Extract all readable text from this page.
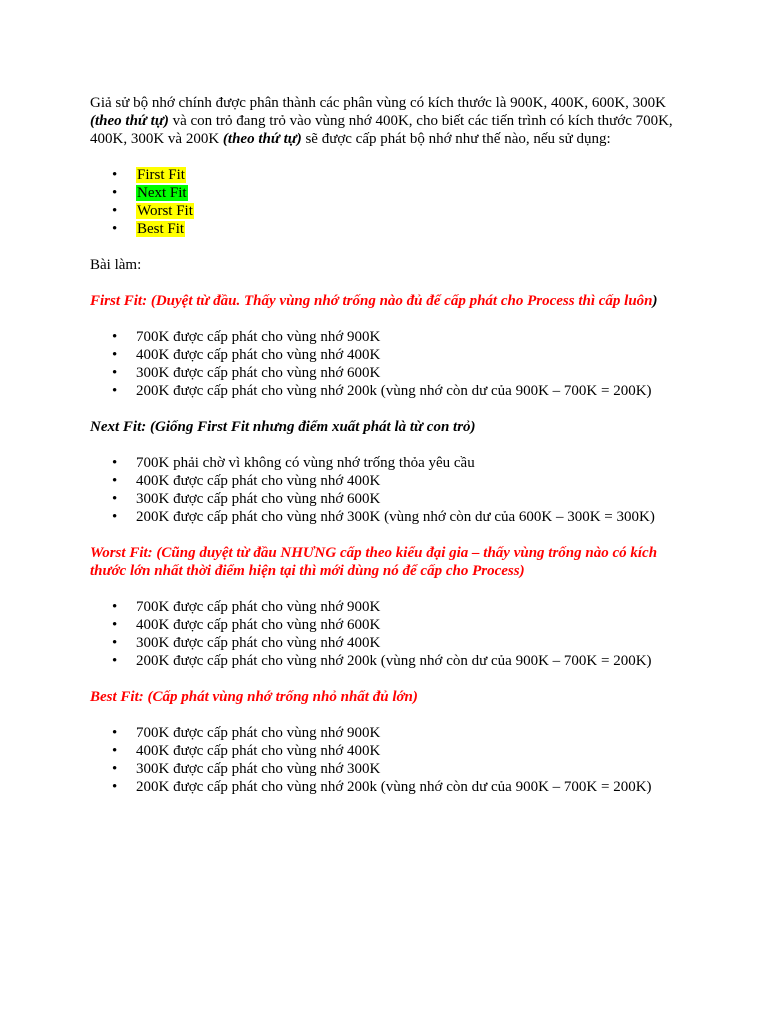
Giả sử bộ nhớ chính được phân thành các phân vùng có kích thước là 900K, 400K, 600K, 300K (theo thứ tự) và con trỏ đang trỏ vào vùng nhớ 400K, cho biết các tiến trình có kích thước 700K, 400K, 300K và 200K (theo thứ tự) sẽ được cấp phát bộ nhớ như thế nào, nếu sử dụng:

• First Fit
• Next Fit
• Worst Fit
• Best Fit

Bài làm:

First Fit: (Duyệt từ đầu. Thấy vùng nhớ trống nào đủ để cấp phát cho Process thì cấp luôn)

• 700K được cấp phát cho vùng nhớ 900K
• 400K được cấp phát cho vùng nhớ 400K
• 300K được cấp phát cho vùng nhớ 600K
• 200K được cấp phát cho vùng nhớ 200k (vùng nhớ còn dư của 900K – 700K = 200K)

Next Fit: (Giống First Fit nhưng điểm xuất phát là từ con trỏ)

• 700K phải chờ vì không có vùng nhớ trống thỏa yêu cầu
• 400K được cấp phát cho vùng nhớ 400K
• 300K được cấp phát cho vùng nhớ 600K
• 200K được cấp phát cho vùng nhớ 300K (vùng nhớ còn dư của 600K – 300K = 300K)

Worst Fit: (Cũng duyệt từ đầu NHƯNG cấp theo kiểu đại gia – thấy vùng trống nào có kích thước lớn nhất thời điểm hiện tại thì mới dùng nó để cấp cho Process)

• 700K được cấp phát cho vùng nhớ 900K
• 400K được cấp phát cho vùng nhớ 600K
• 300K được cấp phát cho vùng nhớ 400K
• 200K được cấp phát cho vùng nhớ 200k (vùng nhớ còn dư của 900K – 700K = 200K)

Best Fit: (Cấp phát vùng nhớ trống nhỏ nhất đủ lớn)

• 700K được cấp phát cho vùng nhớ 900K
• 400K được cấp phát cho vùng nhớ 400K
• 300K được cấp phát cho vùng nhớ 300K
• 200K được cấp phát cho vùng nhớ 200k (vùng nhớ còn dư của 900K – 700K = 200K)
